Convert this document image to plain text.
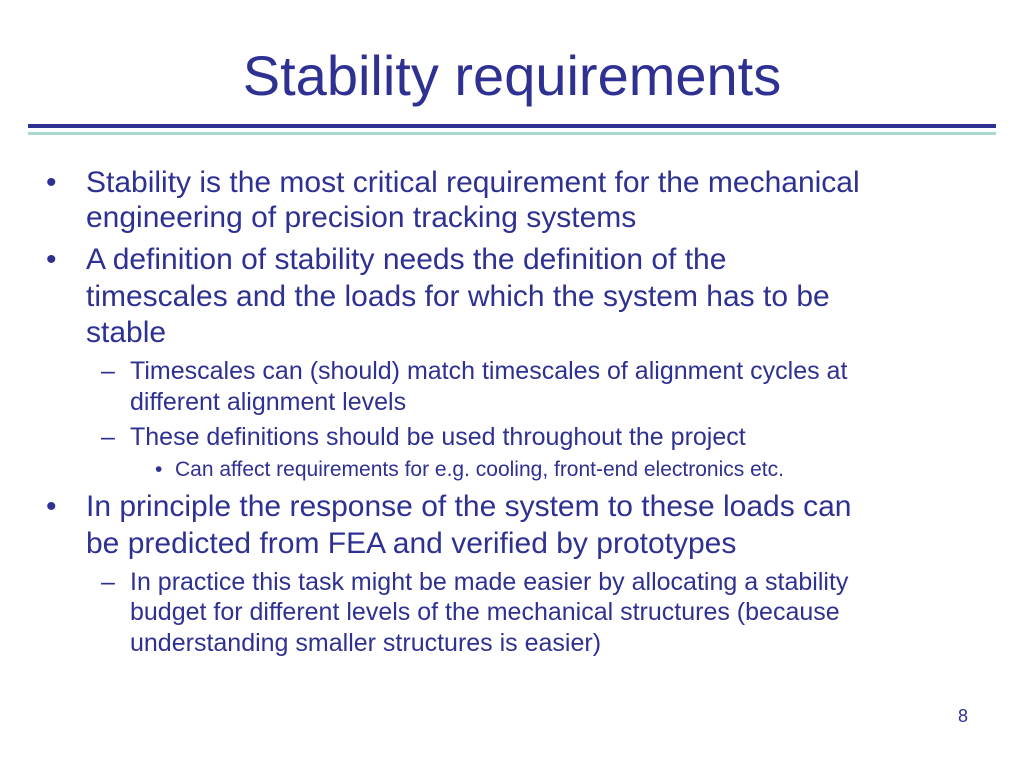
Stability requirements
• Stability is the most critical requirement for the mechanical
engineering of precision tracking systems
• A definition of stability needs the definition of the
timescales and the loads for which the system has to be
stable
– Timescales can (should) match timescales of alignment cycles at
different alignment levels
– These definitions should be used throughout the project
• Can affect requirements for e.g. cooling, front-end electronics etc.
• In principle the response of the system to these loads can
be predicted from FEA and verified by prototypes
– In practice this task might be made easier by allocating a stability
budget for different levels of the mechanical structures (because
understanding smaller structures is easier)
8
